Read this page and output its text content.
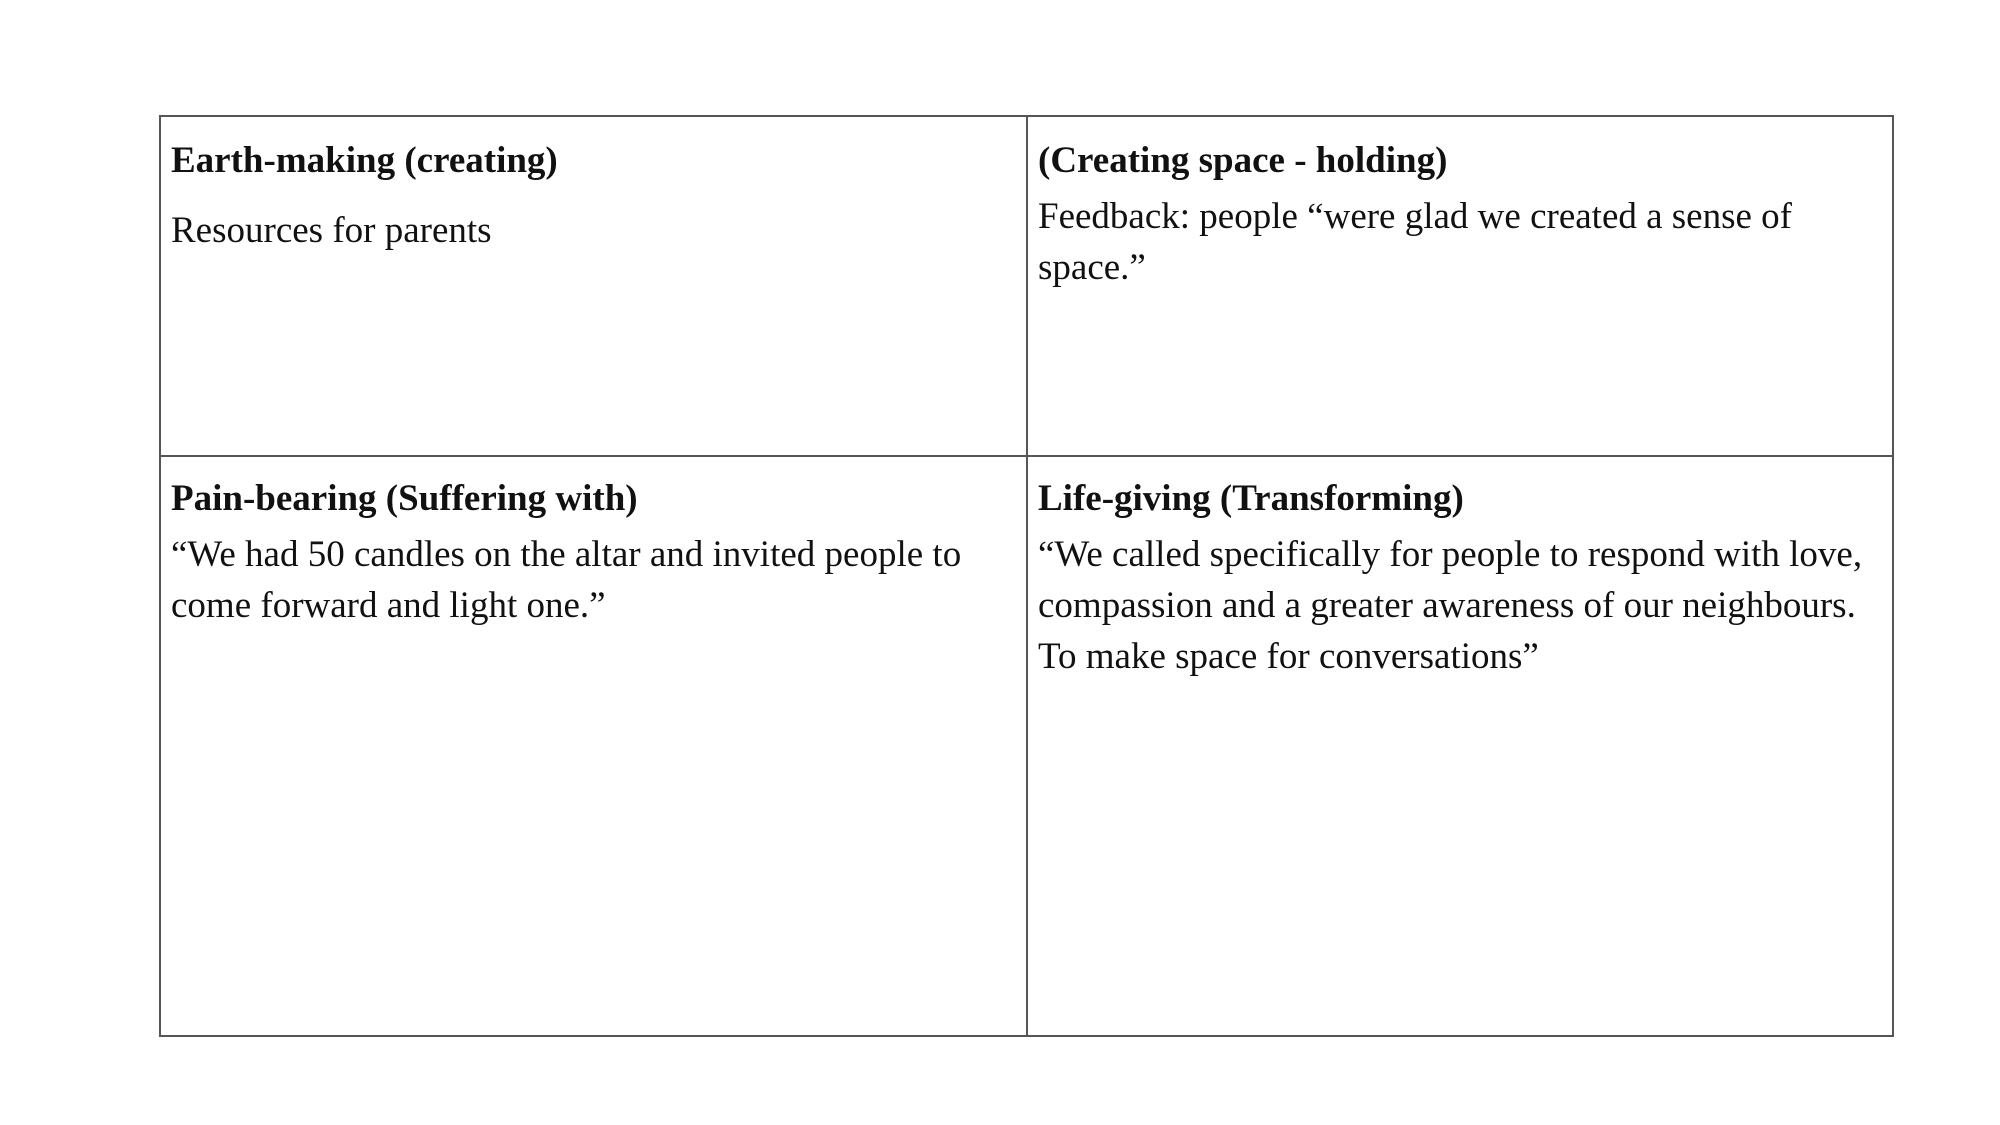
Earth-making (creating)

Resources for parents

(Creating space - holding)

Feedback: people “were glad we created a sense of space.”

Pain-bearing (Suffering with)

“We had 50 candles on the altar and invited people to come forward and light one.”

Life-giving (Transforming)

“We called specifically for people to respond with love, compassion and a greater awareness of our neighbours. To make space for conversations”
